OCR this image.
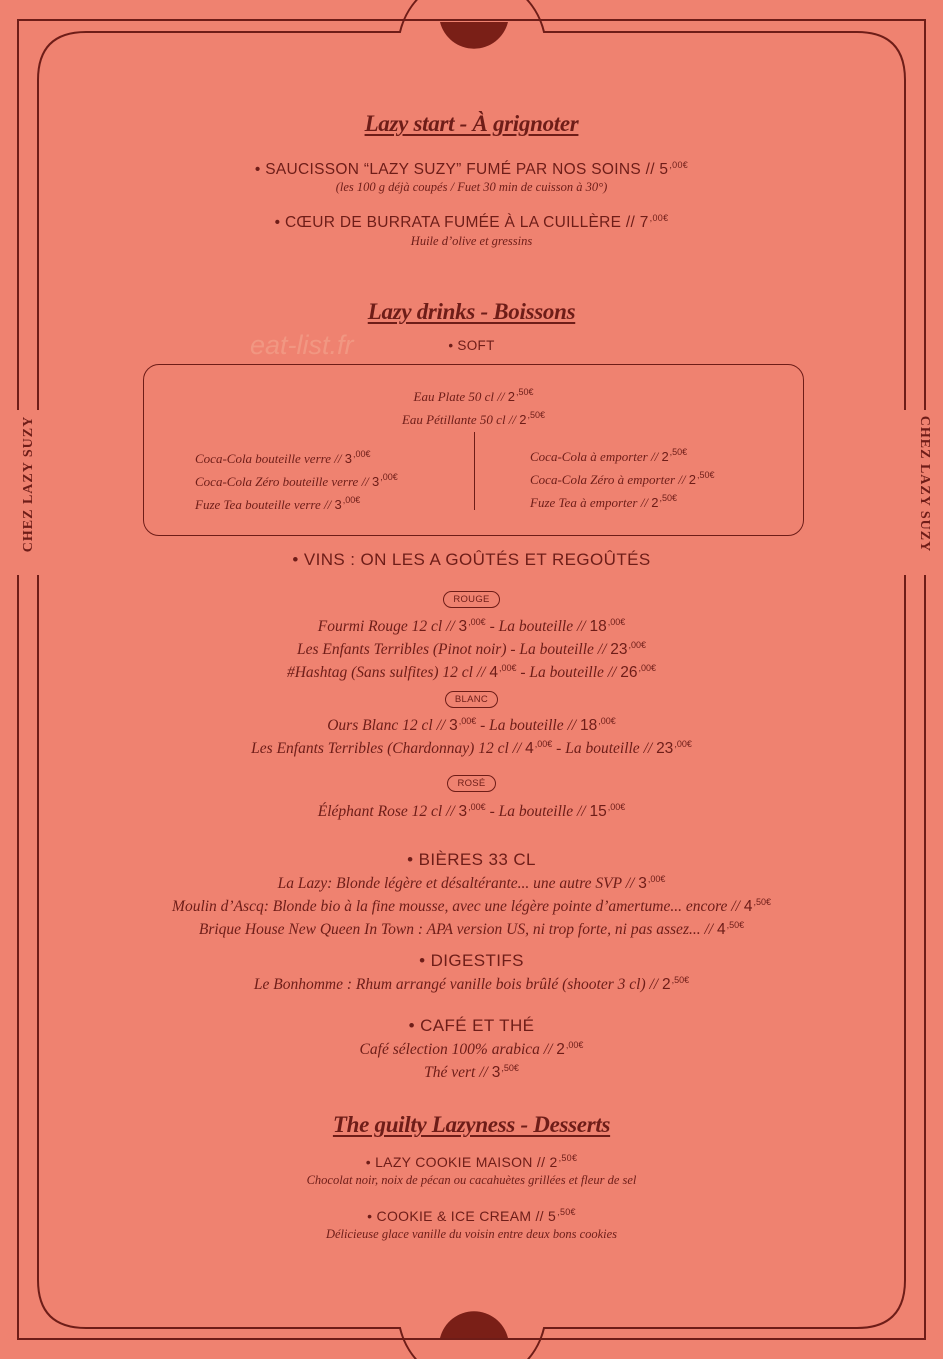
CHEZ LAZY SUZY	CHEZ LAZY SUZY
eat-list.fr
Lazy start - À grignoter
• SAUCISSON “LAZY SUZY” FUMÉ PAR NOS SOINS // $5^{,00€}$
(les 100 g déjà coupés / Fuet 30 min de cuisson à 30°)
• CŒUR DE BURRATA FUMÉE À LA CUILLÈRE // $7^{,00€}$
Huile d’olive et gressins
Lazy drinks - Boissons
• SOFT
Eau Plate 50 cl // $2^{,50€}$
Eau Pétillante 50 cl // $2^{,50€}$
Coca-Cola bouteille verre // $3^{,00€}$
Coca-Cola Zéro bouteille verre // $3^{,00€}$
Fuze Tea bouteille verre // $3^{,00€}$
Coca-Cola à emporter // $2^{,50€}$
Coca-Cola Zéro à emporter // $2^{,50€}$
Fuze Tea à emporter // $2^{,50€}$
• VINS : ON LES A GOÛTÉS ET REGOÛTÉS
ROUGE
Fourmi Rouge 12 cl // $3^{,00€}$ - La bouteille // $18^{,00€}$
Les Enfants Terribles (Pinot noir) - La bouteille // $23^{,00€}$
#Hashtag (Sans sulfites) 12 cl // $4^{,00€}$ - La bouteille // $26^{,00€}$
BLANC
Ours Blanc 12 cl // $3^{,00€}$ - La bouteille // $18^{,00€}$
Les Enfants Terribles (Chardonnay) 12 cl // $4^{,00€}$ - La bouteille // $23^{,00€}$
ROSÉ
Éléphant Rose 12 cl // $3^{,00€}$ - La bouteille // $15^{,00€}$
• BIÈRES 33 CL
La Lazy: Blonde légère et désaltérante... une autre SVP // $3^{,00€}$
Moulin d’Ascq: Blonde bio à la fine mousse, avec une légère pointe d’amertume... encore // $4^{,50€}$
Brique House New Queen In Town : APA version US, ni trop forte, ni pas assez... // $4^{,50€}$
• DIGESTIFS
Le Bonhomme : Rhum arrangé vanille bois brûlé (shooter 3 $cl) // 2^{,50€}$
• CAFÉ ET THÉ
Café sélection 100% arabica // $2^{,00€}$
Thé vert // $3^{,50€}$
The guilty Lazyness - Desserts
• LAZY COOKIE MAISON // $2^{,50€}$
Chocolat noir, noix de pécan ou cacahuètes grillées et fleur de sel
• COOKIE & ICE CREAM // $5^{,50€}$
Délicieuse glace vanille du voisin entre deux bons cookies
